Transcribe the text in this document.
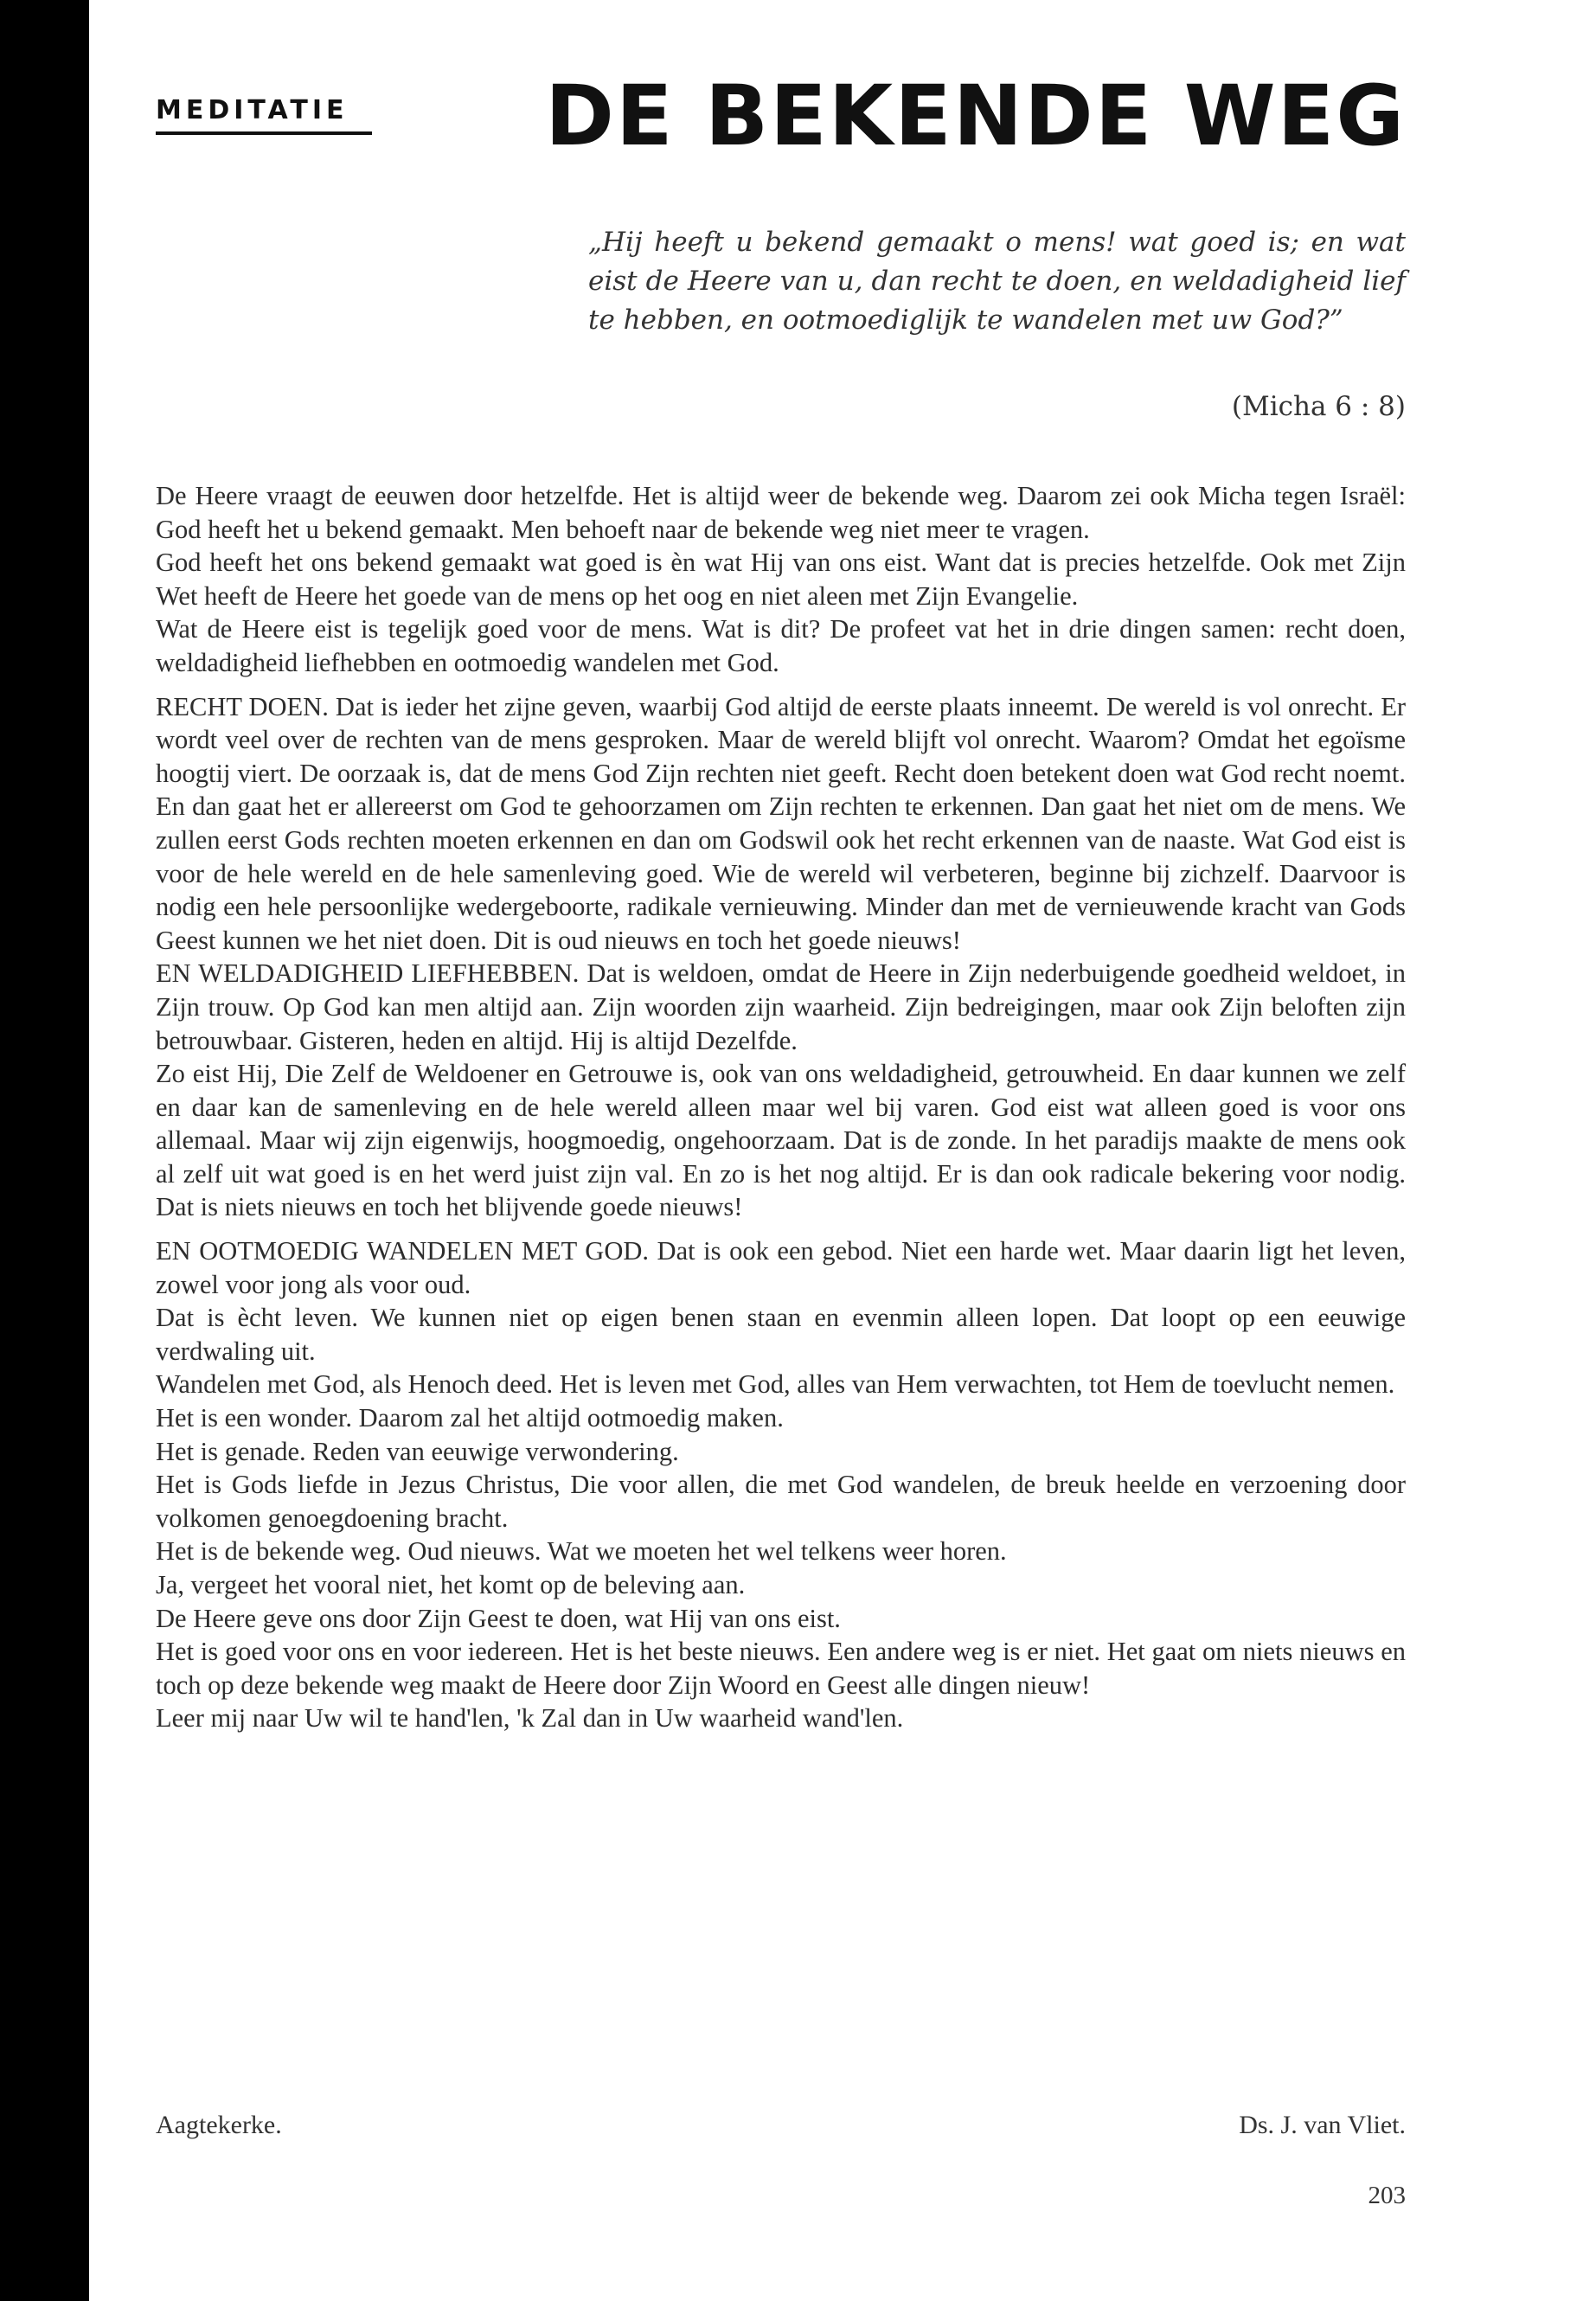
MEDITATIE DE BEKENDE WEG
„Hij heeft u bekend gemaakt o mens! wat goed is; en wat eist de Heere van u, dan recht te doen, en weldadigheid lief te hebben, en ootmoediglijk te wandelen met uw God?”
(Micha 6 : 8)

De Heere vraagt de eeuwen door hetzelfde. Het is altijd weer de bekende weg. Daarom zei ook Micha tegen Israël: God heeft het u bekend gemaakt. Men behoeft naar de bekende weg niet meer te vragen.

God heeft het ons bekend gemaakt wat goed is èn wat Hij van ons eist. Want dat is precies hetzelfde. Ook met Zijn Wet heeft de Heere het goede van de mens op het oog en niet aleen met Zijn Evangelie.

Wat de Heere eist is tegelijk goed voor de mens. Wat is dit? De profeet vat het in drie dingen samen: recht doen, weldadigheid liefhebben en ootmoedig wandelen met God.

RECHT DOEN. Dat is ieder het zijne geven, waarbij God altijd de eerste plaats inneemt. De wereld is vol onrecht. Er wordt veel over de rechten van de mens gesproken. Maar de wereld blijft vol onrecht. Waarom? Omdat het egoïsme hoogtij viert. De oorzaak is, dat de mens God Zijn rechten niet geeft. Recht doen betekent doen wat God recht noemt. En dan gaat het er allereerst om God te gehoorzamen om Zijn rechten te erkennen. Dan gaat het niet om de mens. We zullen eerst Gods rechten moeten erkennen en dan om Godswil ook het recht erkennen van de naaste. Wat God eist is voor de hele wereld en de hele samenleving goed. Wie de wereld wil verbeteren, beginne bij zichzelf. Daarvoor is nodig een hele persoonlijke wedergeboorte, radikale vernieuwing. Minder dan met de vernieuwende kracht van Gods Geest kunnen we het niet doen. Dit is oud nieuws en toch het goede nieuws!

EN WELDADIGHEID LIEFHEBBEN. Dat is weldoen, omdat de Heere in Zijn nederbuigende goedheid weldoet, in Zijn trouw. Op God kan men altijd aan. Zijn woorden zijn waarheid. Zijn bedreigingen, maar ook Zijn beloften zijn betrouwbaar. Gisteren, heden en altijd. Hij is altijd Dezelfde.

Zo eist Hij, Die Zelf de Weldoener en Getrouwe is, ook van ons weldadigheid, getrouwheid. En daar kunnen we zelf en daar kan de samenleving en de hele wereld alleen maar wel bij varen. God eist wat alleen goed is voor ons allemaal. Maar wij zijn eigenwijs, hoogmoedig, ongehoorzaam. Dat is de zonde. In het paradijs maakte de mens ook al zelf uit wat goed is en het werd juist zijn val. En zo is het nog altijd. Er is dan ook radicale bekering voor nodig. Dat is niets nieuws en toch het blijvende goede nieuws!

EN OOTMOEDIG WANDELEN MET GOD. Dat is ook een gebod. Niet een harde wet. Maar daarin ligt het leven, zowel voor jong als voor oud.

Dat is ècht leven. We kunnen niet op eigen benen staan en evenmin alleen lopen. Dat loopt op een eeuwige verdwaling uit.

Wandelen met God, als Henoch deed. Het is leven met God, alles van Hem verwachten, tot Hem de toevlucht nemen.

Het is een wonder. Daarom zal het altijd ootmoedig maken.

Het is genade. Reden van eeuwige verwondering.

Het is Gods liefde in Jezus Christus, Die voor allen, die met God wandelen, de breuk heelde en verzoening door volkomen genoegdoening bracht.

Het is de bekende weg. Oud nieuws. Wat we moeten het wel telkens weer horen.

Ja, vergeet het vooral niet, het komt op de beleving aan.

De Heere geve ons door Zijn Geest te doen, wat Hij van ons eist.

Het is goed voor ons en voor iedereen. Het is het beste nieuws. Een andere weg is er niet. Het gaat om niets nieuws en toch op deze bekende weg maakt de Heere door Zijn Woord en Geest alle dingen nieuw!

Leer mij naar Uw wil te hand'len, 'k Zal dan in Uw waarheid wand'len.

Aagtekerke.	Ds. J. van Vliet.
203
